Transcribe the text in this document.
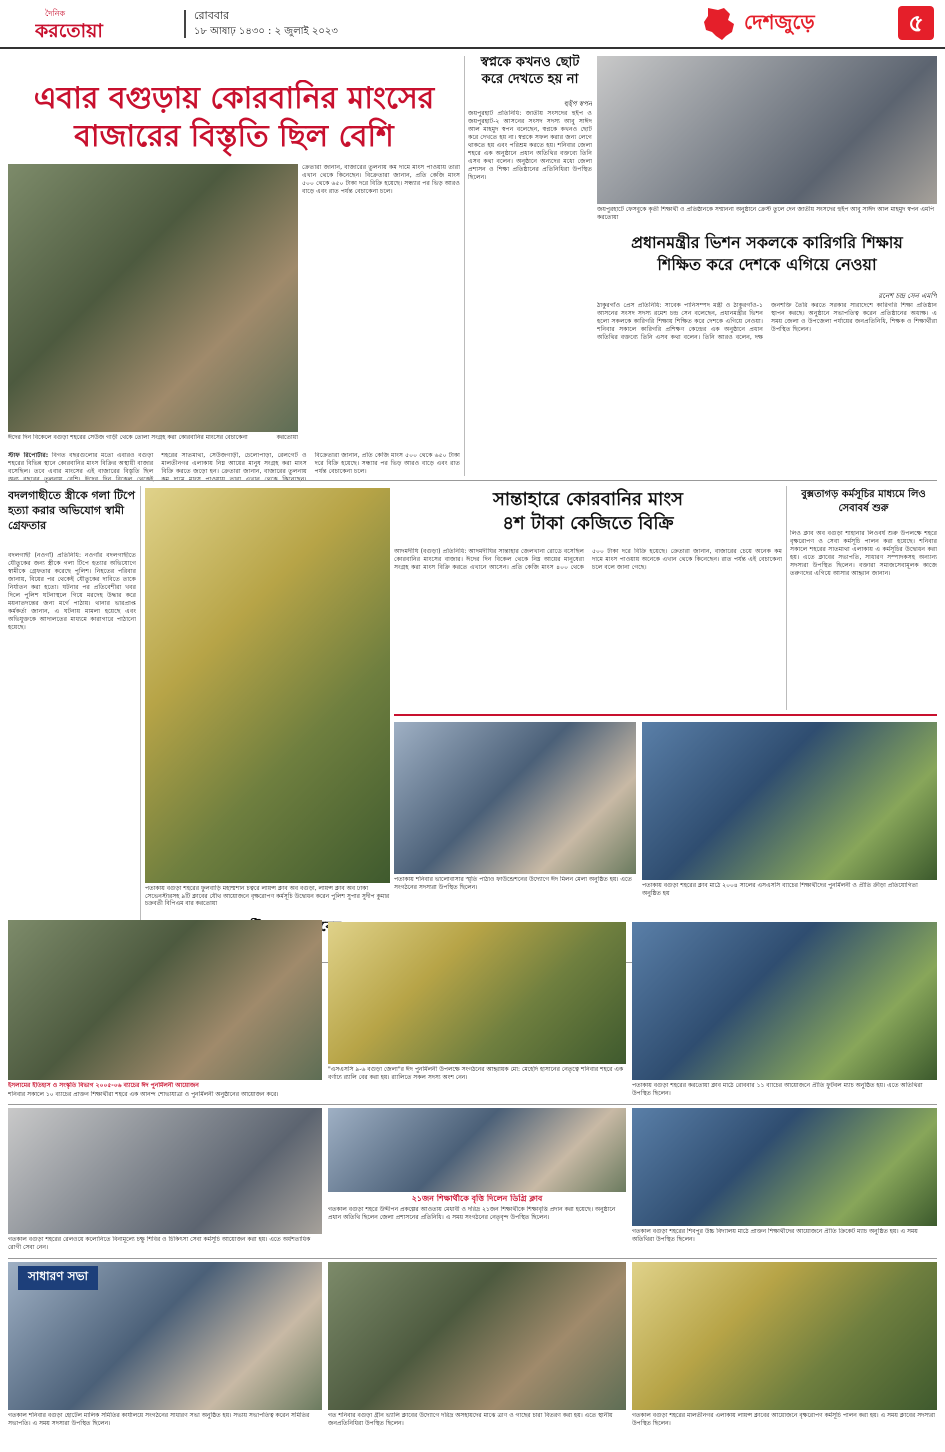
দৈনিক
করতোয়া
রোববার
১৮ আষাঢ় ১৪৩০ : ২ জুলাই ২০২৩	দেশজুড়ে	৫
এবার বগুড়ায় কোরবানির মাংসের
বাজারের বিস্তৃতি ছিল বেশি
ঈদের দিন বিকেলে বগুড়া শহরের সেউজ গাড়ী থেকে তোলা সংগ্রহ করা কোরবানির মাংসের বেচাকেনা	করতোয়া
ক্রেতারা জানান, বাজারের তুলনায় কম দামে মাংস পাওয়ায় তারা এখান থেকে কিনেছেন। বিক্রেতারা জানান, প্রতি কেজি মাংস ৫০০ থেকে ৬৫০ টাকা দরে বিক্রি হয়েছে। সন্ধ্যার পর ভিড় আরও বাড়ে এবং রাত পর্যন্ত বেচাকেনা চলে।
স্টাফ রিপোর্টার: বিগত বছরগুলোর মতো এবারও বগুড়া শহরের বিভিন্ন স্থানে কোরবানির মাংস বিক্রির অস্থায়ী বাজার বসেছিল। তবে এবার মাংসের এই বাজারের বিস্তৃতি ছিল শহরের সাতমাথা, সেউজগাড়ী, চেলোপাড়া, রেলগেট ও মালতীনগর এলাকায় নিম্ন আয়ের মানুষ সংগ্রহ করা মাংস বিক্রি করতে জড়ো হন। ক্রেতারা জানান, বাজারের তুলনায় বিক্রেতারা জানান, প্রতি কেজি মাংস ৫০০ থেকে ৬৫০ টাকা দরে বিক্রি হয়েছে। সন্ধ্যার পর ভিড় আরও বাড়ে এবং রাত পর্যন্ত বেচাকেনা চলে।
স্বপ্নকে কখনও ছোট করে দেখতে হয় না
হুইপ স্বপন
জয়পুরহাট প্রতিনিধি: জাতীয় সংসদের হুইপ ও জয়পুরহাট-২ আসনের সংসদ সদস্য আবু সাঈদ আল মাহমুদ স্বপন বলেছেন, স্বপ্নকে কখনও ছোট করে দেখতে হয় না। স্বপ্নকে সফল করার জন্য লেগে থাকতে হয় এবং পরিশ্রম করতে হয়। শনিবার জেলা শহরে এক অনুষ্ঠানে প্রধান অতিথির বক্তব্যে তিনি এসব কথা বলেন। অনুষ্ঠানে অন্যদের মধ্যে জেলা প্রশাসন ও শিক্ষা প্রতিষ্ঠানের প্রতিনিধিরা উপস্থিত ছিলেন।
জয়পুরহাটে ফেসবুকে কৃতী শিক্ষার্থী ও প্রতিষ্ঠানকে সম্মাননা অনুষ্ঠানে ক্রেস্ট তুলে দেন জাতীয় সংসদের হুইপ আবু সাঈদ আল মাহমুদ স্বপন এমপি করতোয়া
প্রধানমন্ত্রীর ভিশন সকলকে কারিগরি শিক্ষায়
শিক্ষিত করে দেশকে এগিয়ে নেওয়া
রনেশ চন্দ্র সেন এমপি
ঠাকুরগাঁও প্রেস প্রতিনিধি: সাবেক পানিসম্পদ মন্ত্রী ও ঠাকুরগাঁও-১ আসনের সংসদ সদস্য রমেশ চন্দ্র সেন বলেছেন, প্রধানমন্ত্রীর ভিশন হলো সকলকে কারিগরি শিক্ষায় শিক্ষিত করে দেশকে এগিয়ে নেওয়া। শনিবার সকালে কারিগরি প্রশিক্ষণ কেন্দ্রের এক অনুষ্ঠানে প্রধান অতিথির বক্তব্যে তিনি এসব কথা বলেন। তিনি আরও বলেন, দক্ষ জনশক্তি তৈরি করতে সরকার সারাদেশে কারিগরি শিক্ষা প্রতিষ্ঠান স্থাপন করছে। অনুষ্ঠানে সভাপতিত্ব করেন প্রতিষ্ঠানের অধ্যক্ষ। এ সময় জেলা ও উপজেলা পর্যায়ের জনপ্রতিনিধি, শিক্ষক ও শিক্ষার্থীরা উপস্থিত ছিলেন।
বদলগাছীতে স্ত্রীকে গলা টিপে হত্যা করার অভিযোগ স্বামী গ্রেফতার
বদলগাছী (নওগাঁ) প্রতিনিধি: নওগাঁর বদলগাছীতে যৌতুকের জন্য স্ত্রীকে গলা টিপে হত্যার অভিযোগে স্বামীকে গ্রেফতার করেছে পুলিশ। নিহতের পরিবার জানায়, বিয়ের পর থেকেই যৌতুকের দাবিতে তাকে নির্যাতন করা হতো। ঘটনার পর প্রতিবেশীরা খবর দিলে পুলিশ ঘটনাস্থলে গিয়ে মরদেহ উদ্ধার করে ময়নাতদন্তের জন্য মর্গে পাঠায়। থানার ভারপ্রাপ্ত কর্মকর্তা জানান, এ ঘটনায় মামলা হয়েছে এবং অভিযুক্তকে আদালতের মাধ্যমে কারাগারে পাঠানো হয়েছে।
পতাকায় বগুড়া শহরের ফুলবাড়ি মহাশ্মশান চত্বরে লায়ন্স ক্লাব অব বগুড়া, লায়ন্স ক্লাব অব ঢাকা সেভেনস্টারসহ ৯টি ক্লাবের যৌথ আয়োজনে বৃক্ষরোপণ কর্মসূচি উদ্বোধন করেন পুলিশ সুপার সুদীপ কুমার চক্রবর্তী বিপিএম বার করতোয়া
ক্লাবের
সান্তাহারে কোরবানির মাংস
৪শ টাকা কেজিতে বিক্রি
আদমদীঘি (বগুড়া) প্রতিনিধি: আদমদীঘির সান্তাহার জেলখানা রোডে বসেছিল কোরবানির মাংসের বাজার। ঈদের দিন বিকেল থেকে নিম্ন আয়ের মানুষেরা সংগ্রহ করা মাংস বিক্রি করতে এখানে আসেন। প্রতি কেজি মাংস ৪০০ থেকে ৫০০ টাকা দরে বিক্রি হয়েছে। ক্রেতারা জানান, বাজারের চেয়ে অনেক কম দামে মাংস পাওয়ায় অনেকে এখান থেকে কিনেছেন। রাত পর্যন্ত এই বেচাকেনা চলে বলে জানা গেছে।
বুক্সতাগড় কর্মসূচির মাধ্যমে লিও সেবাবর্ষ শুরু
লিও ক্লাব অব বগুড়া শাহানার লিওবর্ষ শুরু উপলক্ষে শহরে বৃক্ষরোপণ ও সেবা কর্মসূচি পালন করা হয়েছে। শনিবার সকালে শহরের সাতমাথা এলাকায় এ কর্মসূচির উদ্বোধন করা হয়। এতে ক্লাবের সভাপতি, সাধারণ সম্পাদকসহ অন্যান্য সদস্যরা উপস্থিত ছিলেন। বক্তারা সমাজসেবামূলক কাজে তরুণদের এগিয়ে আসার আহ্বান জানান।
পতাকায় শনিবার ভালোবাসার স্মৃতি পাঠাও ফাউন্ডেশনের উদ্যোগে ঈদ মিলন মেলা অনুষ্ঠিত হয়। এতে সংগঠনের সদস্যরা উপস্থিত ছিলেন।	পতাকায় বগুড়া শহরের ক্লাব মাঠে ২০০৪ সালের এসএসসি ব্যাচের শিক্ষার্থীদের পুনর্মিলনী ও প্রীতি ক্রীড়া প্রতিযোগিতা অনুষ্ঠিত হয়
ইসলামের ইতিহাস ও সংস্কৃতি বিভাগ ২০০৫-০৬ ব্যাচের ঈদ পুনর্মিলনী আয়োজন
শনিবার সকালে ১০ ব্যাচের প্রাক্তন শিক্ষার্থীরা শহরে এক আনন্দ শোভাযাত্রা ও পুনর্মিলনী অনুষ্ঠানের আয়োজন করে।
"এসএসসি ৯-৬ বগুড়া জেলা"র ঈদ পুনর্মিলনী উপলক্ষে সংগঠনের আহ্বায়ক মো: মেহেদি হাসানের নেতৃত্বে শনিবার শহরে এক বর্ণাঢ্য র‍্যালি বের করা হয়। র‍্যালিতে সকল সদস্য অংশ নেন।
পতাকায় বগুড়া শহরের করতোয়া ক্লাব মাঠে রোববার ১১ ব্যাচের আয়োজনে প্রীতি ফুটবল ম্যাচ অনুষ্ঠিত হয়। এতে অতিথিরা উপস্থিত ছিলেন।
গতকাল বগুড়া শহরের রেলওয়ে কলোনিতে বিনামূল্যে চক্ষু শিবির ও চিকিৎসা সেবা কর্মসূচি আয়োজন করা হয়। এতে অর্ধশতাধিক রোগী সেবা নেন।
২১জন শিক্ষার্থীকে বৃত্তি দিলেন ডিগ্রি ক্লাব
গতকাল বগুড়া শহরে উদ্দীপন প্রকল্পের আওতায় মেধাবী ও দরিদ্র ২১জন শিক্ষার্থীকে শিক্ষাবৃত্তি প্রদান করা হয়েছে। অনুষ্ঠানে প্রধান অতিথি ছিলেন জেলা প্রশাসনের প্রতিনিধি। এ সময় সংগঠনের নেতৃবৃন্দ উপস্থিত ছিলেন।
গতকাল বগুড়া শহরের শিবপুর উচ্চ বিদ্যালয় মাঠে প্রাক্তন শিক্ষার্থীদের আয়োজনে প্রীতি ক্রিকেট ম্যাচ অনুষ্ঠিত হয়। এ সময় অতিথিরা উপস্থিত ছিলেন।
সাধারণ সভা
গতকাল শনিবার বগুড়া হোটেল মালিক সমিতির কার্যালয়ে সংগঠনের সাধারণ সভা অনুষ্ঠিত হয়। সভায় সভাপতিত্ব করেন সমিতির সভাপতি। এ সময় সদস্যরা উপস্থিত ছিলেন।
গত শনিবার বগুড়া গ্রীন ভ্যালি ক্লাবের উদ্যোগে দরিদ্র অসহায়দের মাঝে ত্রাণ ও গাছের চারা বিতরণ করা হয়। এতে স্থানীয় জনপ্রতিনিধিরা উপস্থিত ছিলেন।
গতকাল বগুড়া শহরের মালতীনগর এলাকায় লায়ন্স ক্লাবের আয়োজনে বৃক্ষরোপণ কর্মসূচি পালন করা হয়। এ সময় ক্লাবের সদস্যরা উপস্থিত ছিলেন।
